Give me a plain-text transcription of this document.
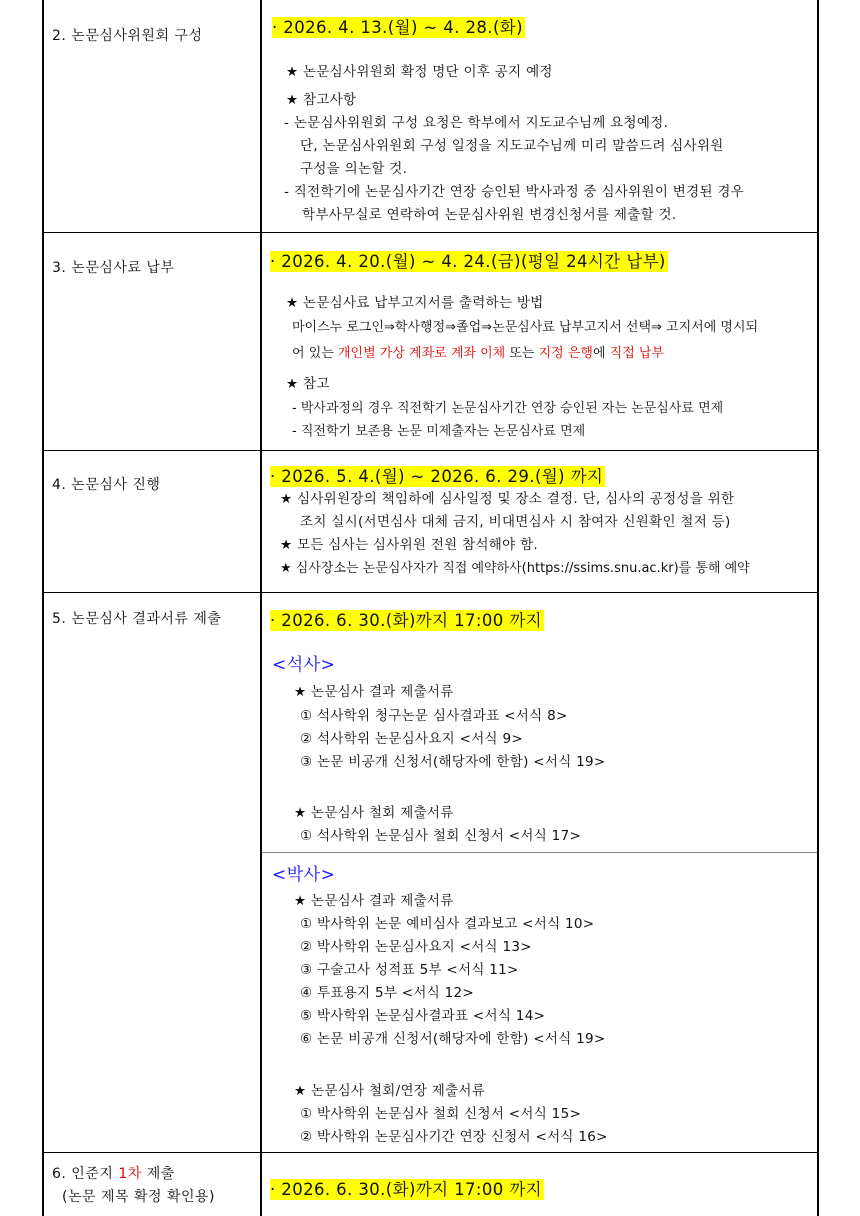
2. 논문심사위원회 구성	· 2026. 4. 13.(월) ~ 4. 28.(화)
★ 논문심사위원회 확정 명단 이후 공지 예정
★ 참고사항
- 논문심사위원회 구성 요청은 학부에서 지도교수님께 요청예정.
단, 논문심사위원회 구성 일정을 지도교수님께 미리 말씀드려 심사위원
구성을 의논할 것.
- 직전학기에 논문심사기간 연장 승인된 박사과정 중 심사위원이 변경된 경우
학부사무실로 연락하여 논문심사위원 변경신청서를 제출할 것.
3. 논문심사료 납부	· 2026. 4. 20.(월) ~ 4. 24.(금)(평일 24시간 납부)
★ 논문심사료 납부고지서를 출력하는 방법
마이스누 로그인⇒학사행정⇒졸업⇒논문심사료 납부고지서 선택⇒ 고지서에 명시되
어 있는 개인별 가상 계좌로 계좌 이체 또는 지정 은행에 직접 납부
★ 참고
- 박사과정의 경우 직전학기 논문심사기간 연장 승인된 자는 논문심사료 면제
- 직전학기 보존용 논문 미제출자는 논문심사료 면제
4. 논문심사 진행	· 2026. 5. 4.(월) ~ 2026. 6. 29.(월) 까지
★ 심사위원장의 책임하에 심사일정 및 장소 결정. 단, 심사의 공정성을 위한
조치 실시(서면심사 대체 금지, 비대면심사 시 참여자 신원확인 철저 등)
★ 모든 심사는 심사위원 전원 참석해야 함.
★ 심사장소는 논문심사자가 직접 예약하사(https://ssims.snu.ac.kr)를 통해 예약
5. 논문심사 결과서류 제출	· 2026. 6. 30.(화)까지 17:00 까지
<석사>
★ 논문심사 결과 제출서류
① 석사학위 청구논문 심사결과표 <서식 8>
② 석사학위 논문심사요지 <서식 9>
③ 논문 비공개 신청서(해당자에 한함) <서식 19>
★ 논문심사 철회 제출서류
① 석사학위 논문심사 철회 신청서 <서식 17>
<박사>
★ 논문심사 결과 제출서류
① 박사학위 논문 예비심사 결과보고 <서식 10>
② 박사학위 논문심사요지 <서식 13>
③ 구술고사 성적표 5부 <서식 11>
④ 투표용지 5부 <서식 12>
⑤ 박사학위 논문심사결과표 <서식 14>
⑥ 논문 비공개 신청서(해당자에 한함) <서식 19>
★ 논문심사 철회/연장 제출서류
① 박사학위 논문심사 철회 신청서 <서식 15>
② 박사학위 논문심사기간 연장 신청서 <서식 16>
6. 인준지 1차 제출
(논문 제목 확정 확인용)	· 2026. 6. 30.(화)까지 17:00 까지
